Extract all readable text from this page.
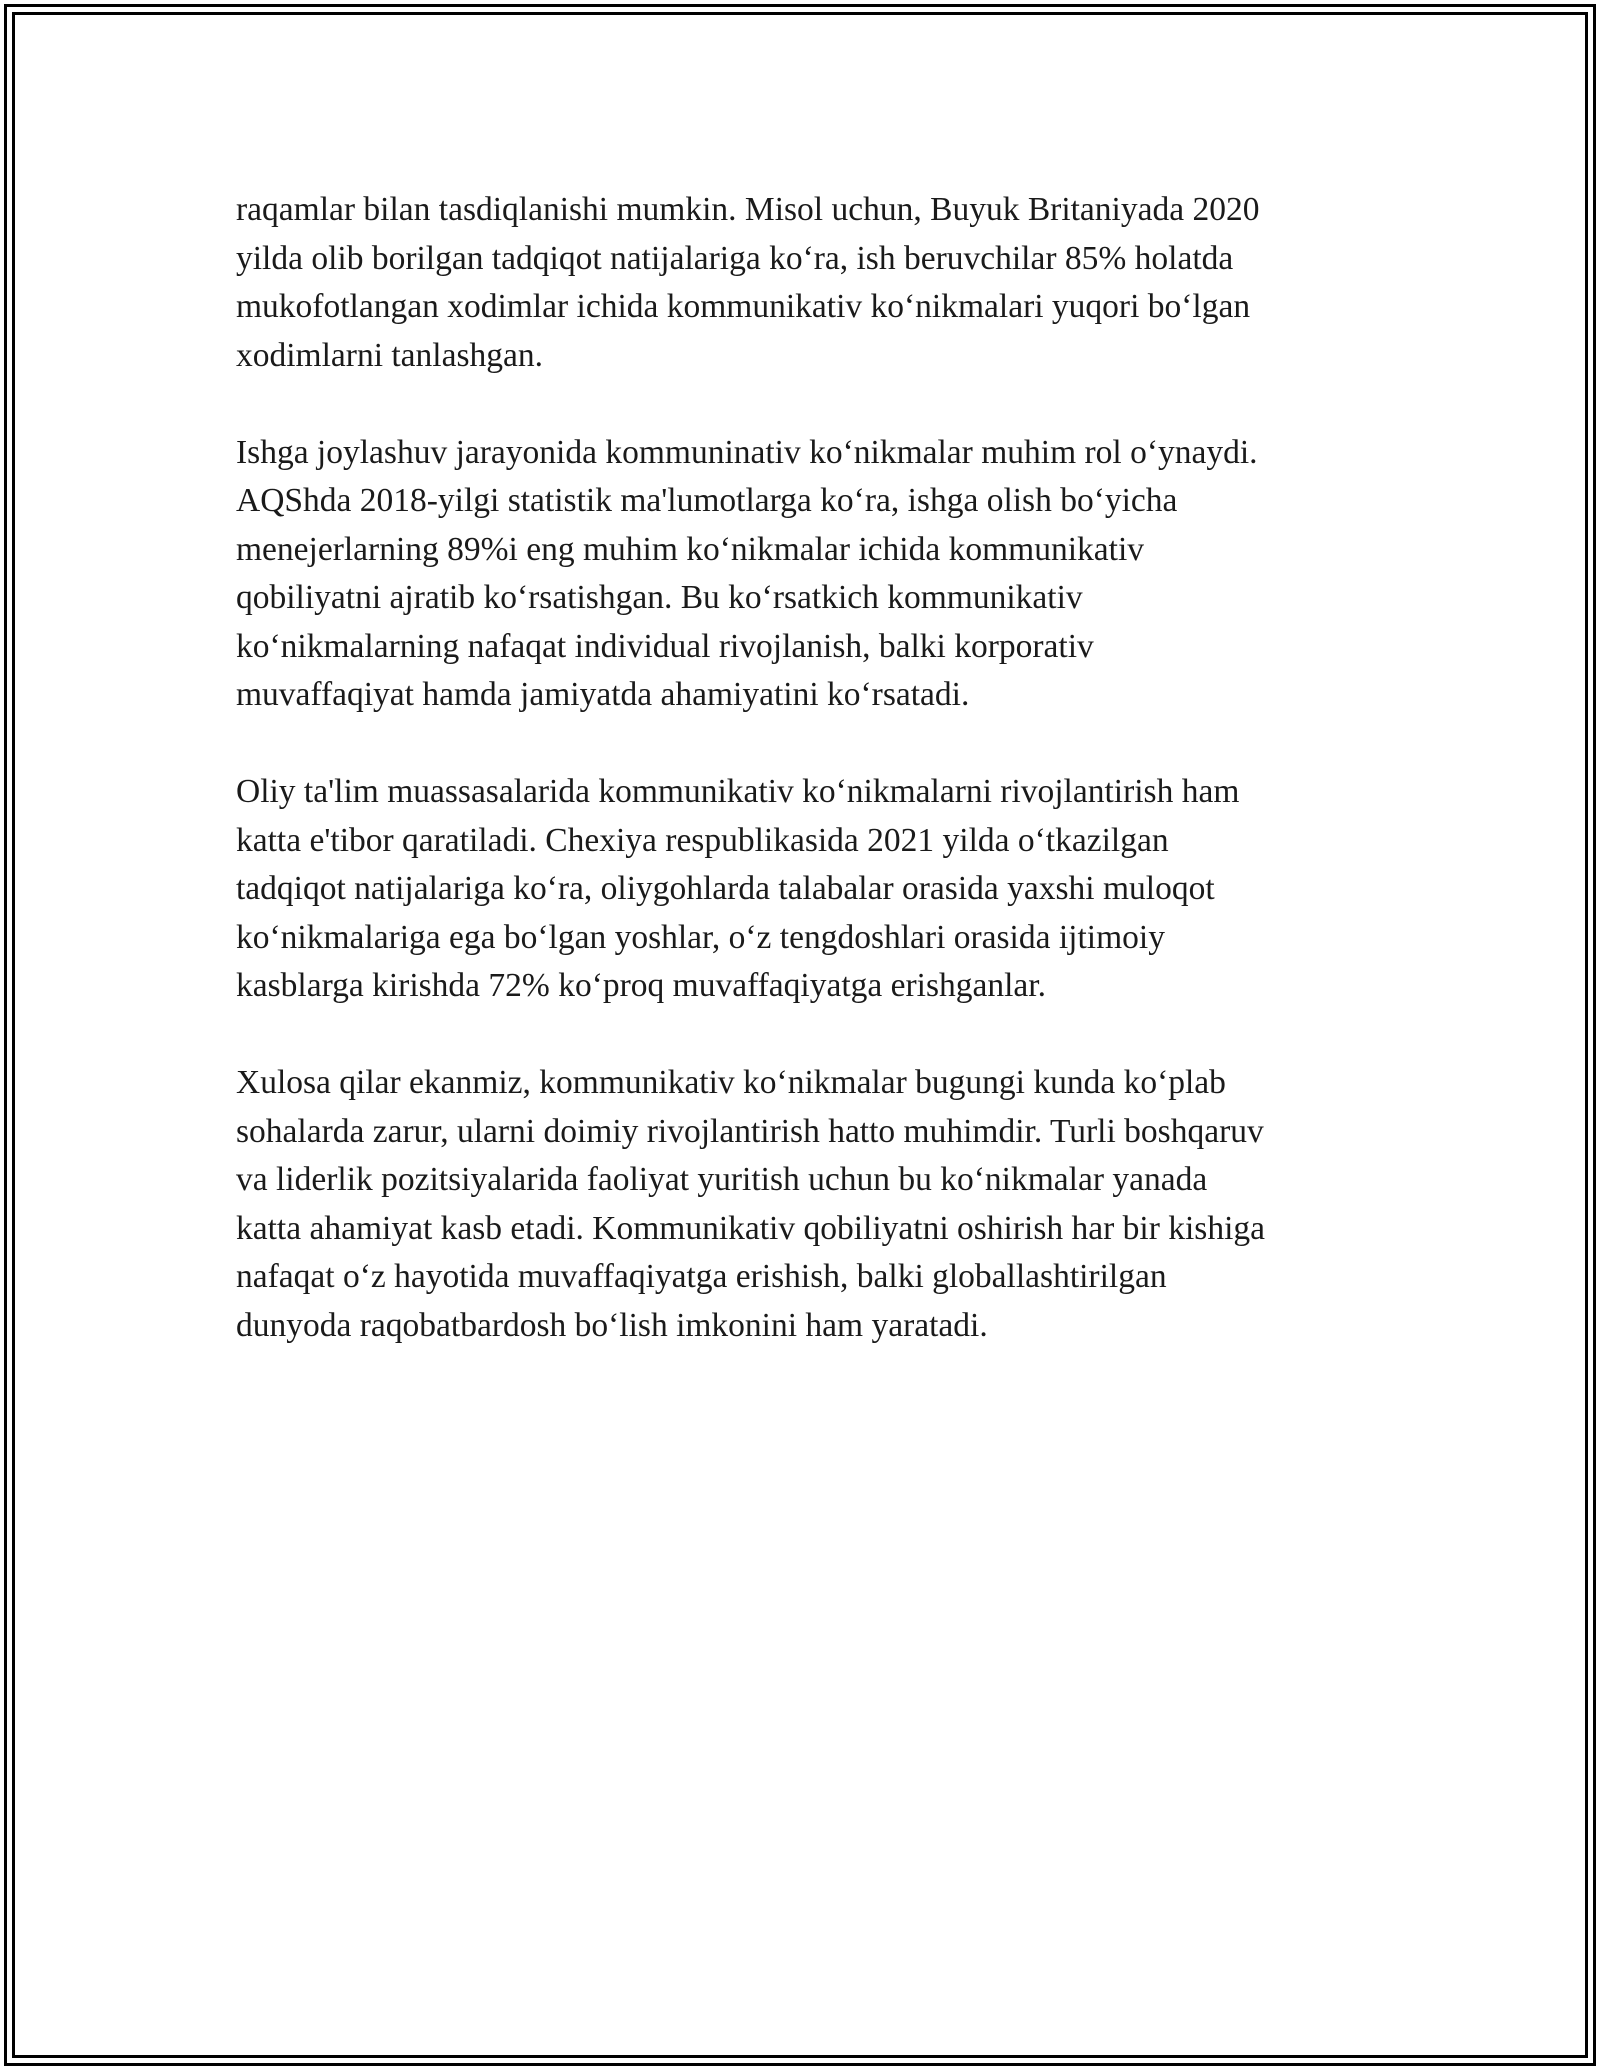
raqamlar bilan tasdiqlanishi mumkin. Misol uchun, Buyuk Britaniyada 2020
yilda olib borilgan tadqiqot natijalariga ko‘ra, ish beruvchilar 85% holatda
mukofotlangan xodimlar ichida kommunikativ ko‘nikmalari yuqori bo‘lgan
xodimlarni tanlashgan.

Ishga joylashuv jarayonida kommuninativ ko‘nikmalar muhim rol o‘ynaydi.
AQShda 2018-yilgi statistik ma'lumotlarga ko‘ra, ishga olish bo‘yicha
menejerlarning 89%i eng muhim ko‘nikmalar ichida kommunikativ
qobiliyatni ajratib ko‘rsatishgan. Bu ko‘rsatkich kommunikativ
ko‘nikmalarning nafaqat individual rivojlanish, balki korporativ
muvaffaqiyat hamda jamiyatda ahamiyatini ko‘rsatadi.

Oliy ta'lim muassasalarida kommunikativ ko‘nikmalarni rivojlantirish ham
katta e'tibor qaratiladi. Chexiya respublikasida 2021 yilda o‘tkazilgan
tadqiqot natijalariga ko‘ra, oliygohlarda talabalar orasida yaxshi muloqot
ko‘nikmalariga ega bo‘lgan yoshlar, o‘z tengdoshlari orasida ijtimoiy
kasblarga kirishda 72% ko‘proq muvaffaqiyatga erishganlar.

Xulosa qilar ekanmiz, kommunikativ ko‘nikmalar bugungi kunda ko‘plab
sohalarda zarur, ularni doimiy rivojlantirish hatto muhimdir. Turli boshqaruv
va liderlik pozitsiyalarida faoliyat yuritish uchun bu ko‘nikmalar yanada
katta ahamiyat kasb etadi. Kommunikativ qobiliyatni oshirish har bir kishiga
nafaqat o‘z hayotida muvaffaqiyatga erishish, balki globallashtirilgan
dunyoda raqobatbardosh bo‘lish imkonini ham yaratadi.
